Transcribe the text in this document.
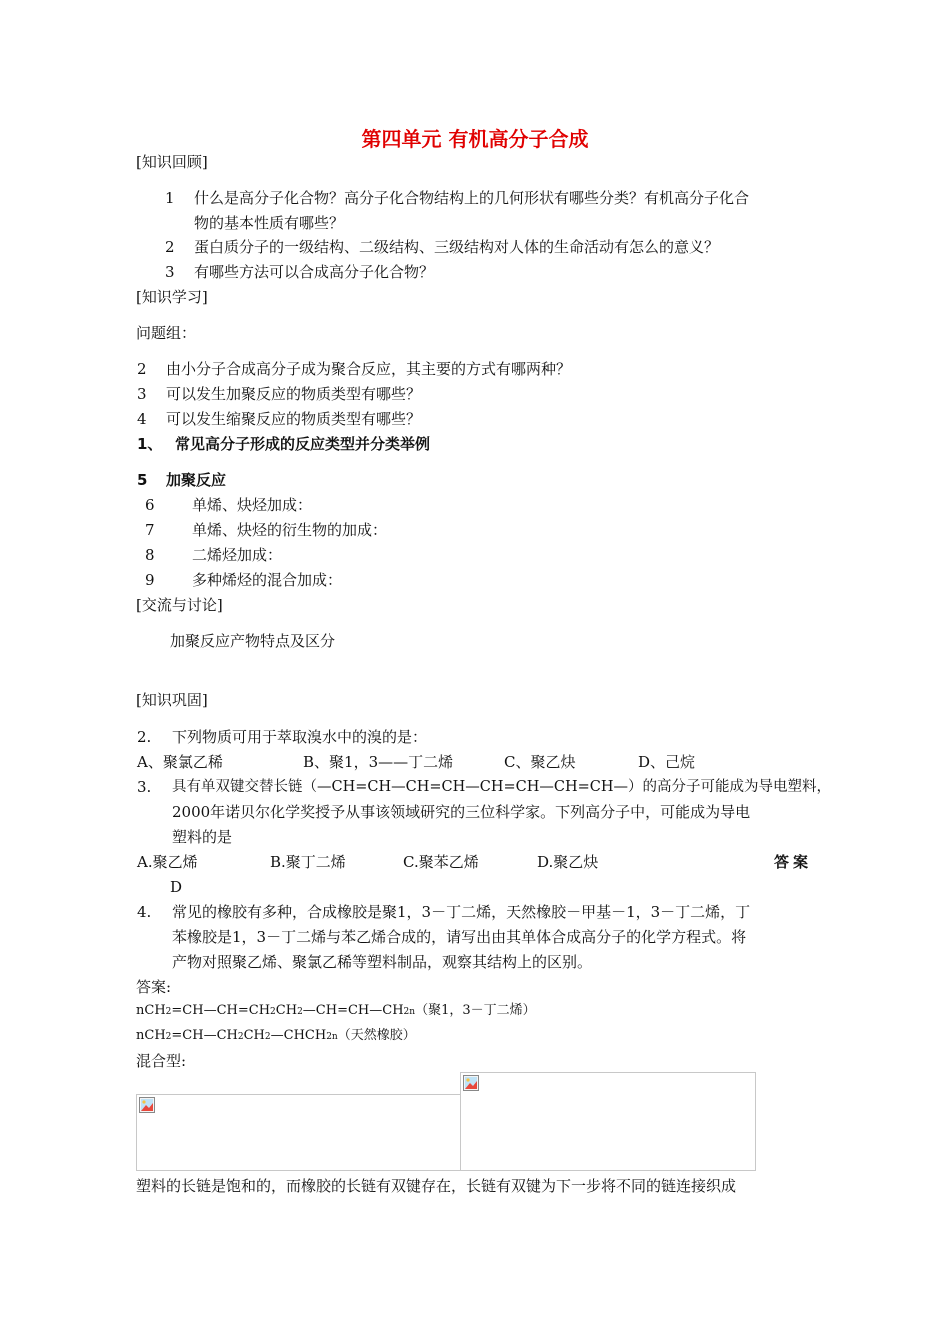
第四单元 有机高分子合成
[知识回顾]
1 什么是高分子化合物？高分子化合物结构上的几何形状有哪些分类？有机高分子化合
物的基本性质有哪些？
2 蛋白质分子的一级结构、二级结构、三级结构对人体的生命活动有怎么的意义？
3 有哪些方法可以合成高分子化合物？
[知识学习]
问题组：
2 由小分子合成高分子成为聚合反应，其主要的方式有哪两种？
3 可以发生加聚反应的物质类型有哪些？
4 可以发生缩聚反应的物质类型有哪些？
1、 常见高分子形成的反应类型并分类举例
5 加聚反应
6 单烯、炔烃加成：
7 单烯、炔烃的衍生物的加成：
8 二烯烃加成：
9 多种烯烃的混合加成：
[交流与讨论]
加聚反应产物特点及区分
[知识巩固]
2. 下列物质可用于萃取溴水中的溴的是：
A、聚氯乙稀	B、聚1，3——丁二烯	C、聚乙炔	D、己烷
3. 具有单双键交替长链（—CH=CH—CH=CH—CH=CH—CH=CH—）的高分子可能成为导电塑料，
2000年诺贝尔化学奖授予从事该领域研究的三位科学家。下列高分子中，可能成为导电
塑料的是
A.聚乙烯	B.聚丁二烯	C.聚苯乙烯	D.聚乙炔	答案
D
4. 常见的橡胶有多种，合成橡胶是聚1，3－丁二烯，天然橡胶－甲基－1，3－丁二烯，丁
苯橡胶是1，3－丁二烯与苯乙烯合成的，请写出由其单体合成高分子的化学方程式。将
产物对照聚乙烯、聚氯乙稀等塑料制品，观察其结构上的区别。
答案:
nCH2=CH—CH=CH2CH2—CH=CH—CH2n（聚1，3－丁二烯）
nCH2=CH—CH2CH2—CHCH2n（天然橡胶）
混合型:
塑料的长链是饱和的，而橡胶的长链有双键存在，长链有双键为下一步将不同的链连接织成
